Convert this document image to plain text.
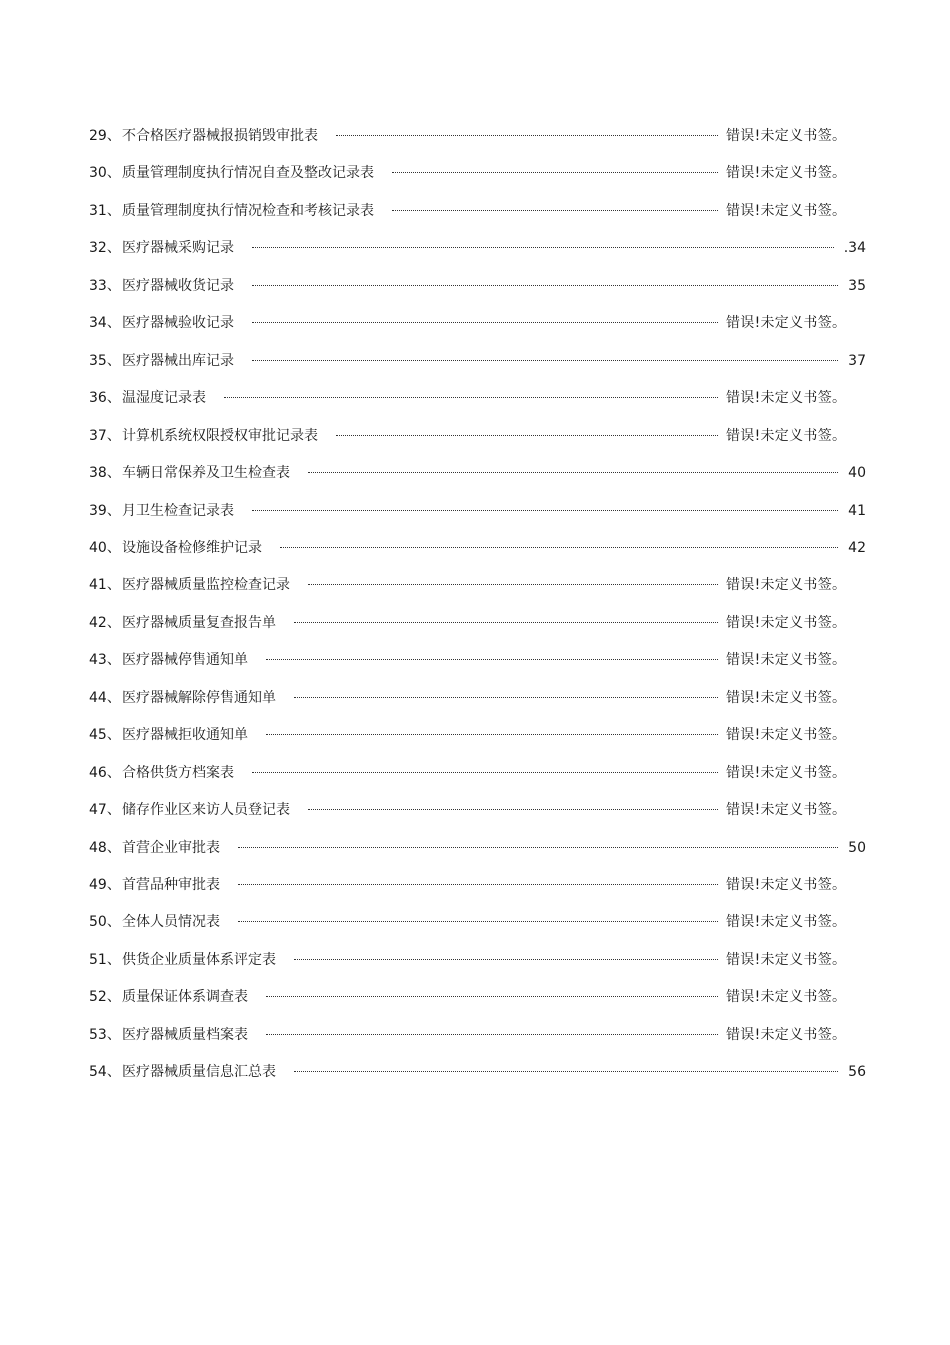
29、 不合格医疗器械报损销毁审批表	错误!未定义书签。
30、 质量管理制度执行情况自查及整改记录表	错误!未定义书签。
31、 质量管理制度执行情况检查和考核记录表	错误!未定义书签。
32、 医疗器械采购记录	.34
33、 医疗器械收货记录	35
34、 医疗器械验收记录	错误!未定义书签。
35、 医疗器械出库记录	37
36、 温湿度记录表	错误!未定义书签。
37、 计算机系统权限授权审批记录表	错误!未定义书签。
38、 车辆日常保养及卫生检查表	40
39、 月卫生检查记录表	41
40、 设施设备检修维护记录	42
41、 医疗器械质量监控检查记录	错误!未定义书签。
42、 医疗器械质量复查报告单	错误!未定义书签。
43、 医疗器械停售通知单	错误!未定义书签。
44、 医疗器械解除停售通知单	错误!未定义书签。
45、 医疗器械拒收通知单	错误!未定义书签。
46、 合格供货方档案表	错误!未定义书签。
47、 储存作业区来访人员登记表	错误!未定义书签。
48、 首营企业审批表	50
49、 首营品种审批表	错误!未定义书签。
50、 全体人员情况表	错误!未定义书签。
51、 供货企业质量体系评定表	错误!未定义书签。
52、 质量保证体系调查表	错误!未定义书签。
53、 医疗器械质量档案表	错误!未定义书签。
54、 医疗器械质量信息汇总表	56
